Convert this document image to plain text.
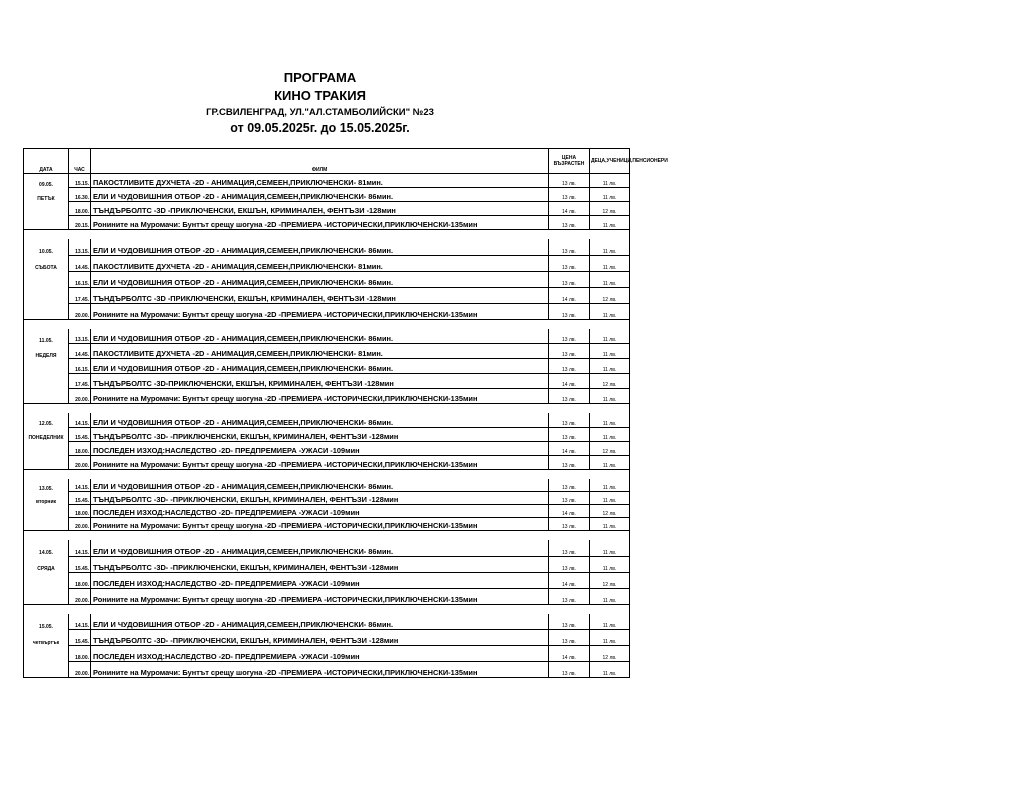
ПРОГРАМА
КИНО ТРАКИЯ
ГР.СВИЛЕНГРАД, УЛ."АЛ.СТАМБОЛИЙСКИ" №23
от 09.05.2025г. до 15.05.2025г.
ДАТА	ЧАС	ФИЛМ	ЦЕНА ВЪЗРАСТЕН	ДЕЦА,УЧЕНИЦИ,ПЕНСИОНЕРИ
09.05.	15.15.	ПАКОСТЛИВИТЕ ДУХЧЕТА -2D - АНИМАЦИЯ,СЕМЕЕН,ПРИКЛЮЧЕНСКИ- 81мин.	13 лв.	11 лв.
ПЕТЪК	16.30.	ЕЛИ И ЧУДОВИШНИЯ ОТБОР -2D - АНИМАЦИЯ,СЕМЕЕН,ПРИКЛЮЧЕНСКИ- 86мин.	13 лв.	11 лв.
	18.00.	ТЪНДЪРБОЛТС -3D -ПРИКЛЮЧЕНСКИ, ЕКШЪН, КРИМИНАЛЕН, ФЕНТЪЗИ -128мин	14 лв.	12 лв.
	20.15.	Ронините на Муромачи: Бунтът срещу шогуна -2D -ПРЕМИЕРА -ИСТОРИЧЕСКИ,ПРИКЛЮЧЕНСКИ-135мин	13 лв.	11 лв.

10.05.	13.15.	ЕЛИ И ЧУДОВИШНИЯ ОТБОР -2D - АНИМАЦИЯ,СЕМЕЕН,ПРИКЛЮЧЕНСКИ- 86мин.	13 лв.	11 лв.
СЪБОТА	14.45.	ПАКОСТЛИВИТЕ ДУХЧЕТА -2D - АНИМАЦИЯ,СЕМЕЕН,ПРИКЛЮЧЕНСКИ- 81мин.	13 лв.	11 лв.
	16.15.	ЕЛИ И ЧУДОВИШНИЯ ОТБОР -2D - АНИМАЦИЯ,СЕМЕЕН,ПРИКЛЮЧЕНСКИ- 86мин.	13 лв.	11 лв.
	17.45.	ТЪНДЪРБОЛТС -3D -ПРИКЛЮЧЕНСКИ, ЕКШЪН, КРИМИНАЛЕН, ФЕНТЪЗИ -128мин	14 лв.	12 лв.
	20.00.	Ронините на Муромачи: Бунтът срещу шогуна -2D -ПРЕМИЕРА -ИСТОРИЧЕСКИ,ПРИКЛЮЧЕНСКИ-135мин	13 лв.	11 лв.

11.05.	13.15.	ЕЛИ И ЧУДОВИШНИЯ ОТБОР -2D - АНИМАЦИЯ,СЕМЕЕН,ПРИКЛЮЧЕНСКИ- 86мин.	13 лв.	11 лв.
НЕДЕЛЯ	14.45.	ПАКОСТЛИВИТЕ ДУХЧЕТА -2D - АНИМАЦИЯ,СЕМЕЕН,ПРИКЛЮЧЕНСКИ- 81мин.	13 лв.	11 лв.
	16.15.	ЕЛИ И ЧУДОВИШНИЯ ОТБОР -2D - АНИМАЦИЯ,СЕМЕЕН,ПРИКЛЮЧЕНСКИ- 86мин.	13 лв.	11 лв.
	17.45.	ТЪНДЪРБОЛТС -3D-ПРИКЛЮЧЕНСКИ, ЕКШЪН, КРИМИНАЛЕН, ФЕНТЪЗИ -128мин	14 лв.	12 лв.
	20.00.	Ронините на Муромачи: Бунтът срещу шогуна -2D -ПРЕМИЕРА -ИСТОРИЧЕСКИ,ПРИКЛЮЧЕНСКИ-135мин	13 лв.	11 лв.

12.05.	14.15.	ЕЛИ И ЧУДОВИШНИЯ ОТБОР -2D - АНИМАЦИЯ,СЕМЕЕН,ПРИКЛЮЧЕНСКИ- 86мин.	13 лв.	11 лв.
ПОНЕДЕЛНИК	15.45.	ТЪНДЪРБОЛТС -3D- -ПРИКЛЮЧЕНСКИ, ЕКШЪН, КРИМИНАЛЕН, ФЕНТЪЗИ -128мин	13 лв.	11 лв.
	18.00.	ПОСЛЕДЕН ИЗХОД:НАСЛЕДСТВО -2D- ПРЕДПРЕМИЕРА -УЖАСИ -109мин	14 лв.	12 лв.
	20.00.	Ронините на Муромачи: Бунтът срещу шогуна -2D -ПРЕМИЕРА -ИСТОРИЧЕСКИ,ПРИКЛЮЧЕНСКИ-135мин	13 лв.	11 лв.

13.05.	14.15.	ЕЛИ И ЧУДОВИШНИЯ ОТБОР -2D - АНИМАЦИЯ,СЕМЕЕН,ПРИКЛЮЧЕНСКИ- 86мин.	13 лв.	11 лв.
вторник	15.45.	ТЪНДЪРБОЛТС -3D- -ПРИКЛЮЧЕНСКИ, ЕКШЪН, КРИМИНАЛЕН, ФЕНТЪЗИ -128мин	13 лв.	11 лв.
	18.00.	ПОСЛЕДЕН ИЗХОД:НАСЛЕДСТВО -2D- ПРЕДПРЕМИЕРА -УЖАСИ -109мин	14 лв.	12 лв.
	20.00.	Ронините на Муромачи: Бунтът срещу шогуна -2D -ПРЕМИЕРА -ИСТОРИЧЕСКИ,ПРИКЛЮЧЕНСКИ-135мин	13 лв.	11 лв.

14.05.	14.15.	ЕЛИ И ЧУДОВИШНИЯ ОТБОР -2D - АНИМАЦИЯ,СЕМЕЕН,ПРИКЛЮЧЕНСКИ- 86мин.	13 лв.	11 лв.
СРЯДА	15.45.	ТЪНДЪРБОЛТС -3D- -ПРИКЛЮЧЕНСКИ, ЕКШЪН, КРИМИНАЛЕН, ФЕНТЪЗИ -128мин	13 лв.	11 лв.
	18.00.	ПОСЛЕДЕН ИЗХОД:НАСЛЕДСТВО -2D- ПРЕДПРЕМИЕРА -УЖАСИ -109мин	14 лв.	12 лв.
	20.00.	Ронините на Муромачи: Бунтът срещу шогуна -2D -ПРЕМИЕРА -ИСТОРИЧЕСКИ,ПРИКЛЮЧЕНСКИ-135мин	13 лв.	11 лв.

15.05.	14.15.	ЕЛИ И ЧУДОВИШНИЯ ОТБОР -2D - АНИМАЦИЯ,СЕМЕЕН,ПРИКЛЮЧЕНСКИ- 86мин.	13 лв.	11 лв.
четвъртък	15.45.	ТЪНДЪРБОЛТС -3D- -ПРИКЛЮЧЕНСКИ, ЕКШЪН, КРИМИНАЛЕН, ФЕНТЪЗИ -128мин	13 лв.	11 лв.
	18.00.	ПОСЛЕДЕН ИЗХОД:НАСЛЕДСТВО -2D- ПРЕДПРЕМИЕРА -УЖАСИ -109мин	14 лв.	12 лв.
	20.00.	Ронините на Муромачи: Бунтът срещу шогуна -2D -ПРЕМИЕРА -ИСТОРИЧЕСКИ,ПРИКЛЮЧЕНСКИ-135мин	13 лв.	11 лв.
